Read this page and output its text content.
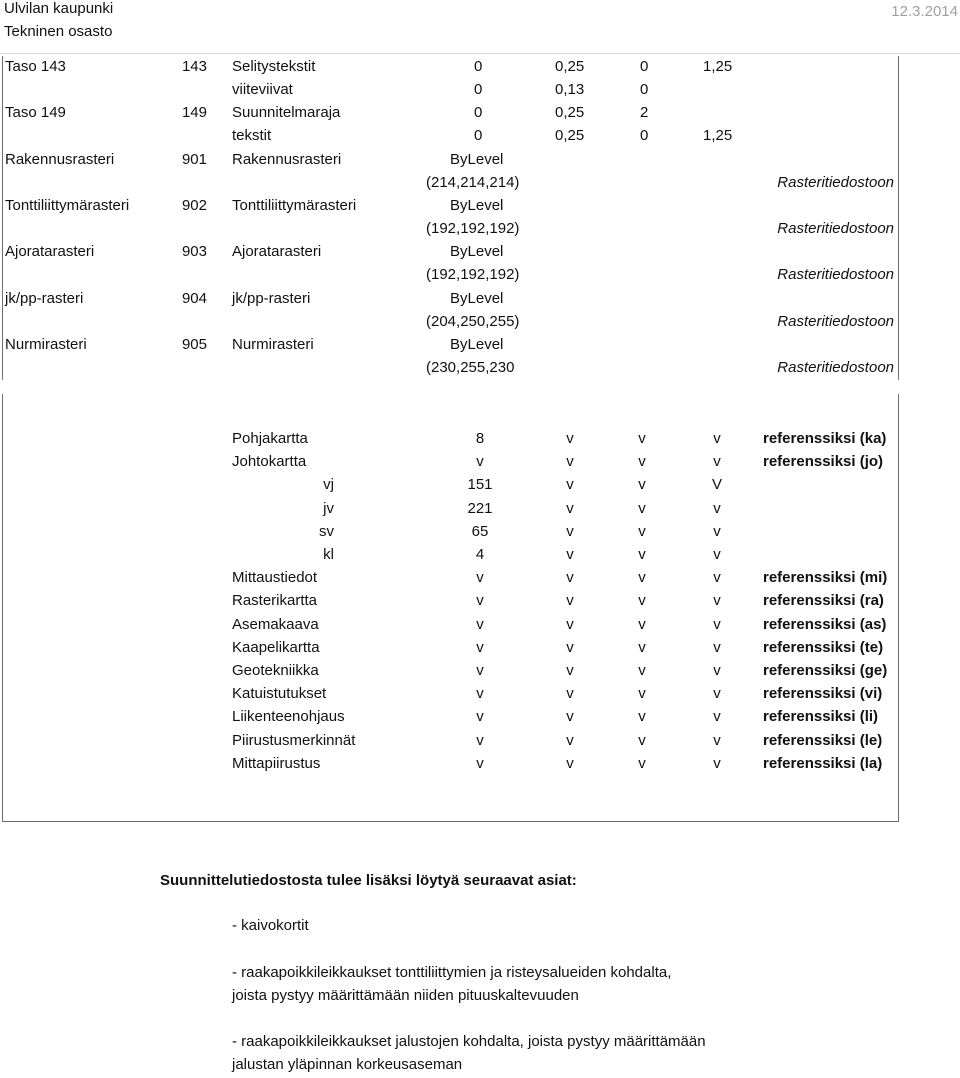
Ulvilan kaupunki
Tekninen osasto
12.3.2014
Taso 143	143 Selitystekstit	0	0,25	0	1,25
viiteviivat	0	0,13	0
Taso 149	149 Suunnitelmaraja	0	0,25	2
tekstit	0	0,25	0	1,25
Rakennusrasteri	901 Rakennusrasteri	ByLevel
(214,214,214)	Rasteritiedostoon
Tonttiliittymärasteri	902 Tonttiliittymärasteri	ByLevel
(192,192,192)	Rasteritiedostoon
Ajoratarasteri	903 Ajoratarasteri	ByLevel
(192,192,192)	Rasteritiedostoon
jk/pp-rasteri	904 jk/pp-rasteri	ByLevel
(204,250,255)	Rasteritiedostoon
Nurmirasteri	905 Nurmirasteri	ByLevel
(230,255,230	Rasteritiedostoon
Pohjakartta	8	v	v	v	referenssiksi (ka)
Johtokartta	v	v	v	v	referenssiksi (jo)
vj	151	v	v	V
jv	221	v	v	v
sv	65	v	v	v
kl	4	v	v	v
Mittaustiedot	v	v	v	v	referenssiksi (mi)
Rasterikartta	v	v	v	v	referenssiksi (ra)
Asemakaava	v	v	v	v	referenssiksi (as)
Kaapelikartta	v	v	v	v	referenssiksi (te)
Geotekniikka	v	v	v	v	referenssiksi (ge)
Katuistutukset	v	v	v	v	referenssiksi (vi)
Liikenteenohjaus	v	v	v	v	referenssiksi (li)
Piirustusmerkinnät	v	v	v	v	referenssiksi (le)
Mittapiirustus	v	v	v	v	referenssiksi (la)
Suunnittelutiedostosta tulee lisäksi löytyä seuraavat asiat:
- kaivokortit
- raakapoikkileikkaukset tonttiliittymien ja risteysalueiden kohdalta,
joista pystyy määrittämään niiden pituuskaltevuuden
- raakapoikkileikkaukset jalustojen kohdalta, joista pystyy määrittämään
jalustan yläpinnan korkeusaseman
